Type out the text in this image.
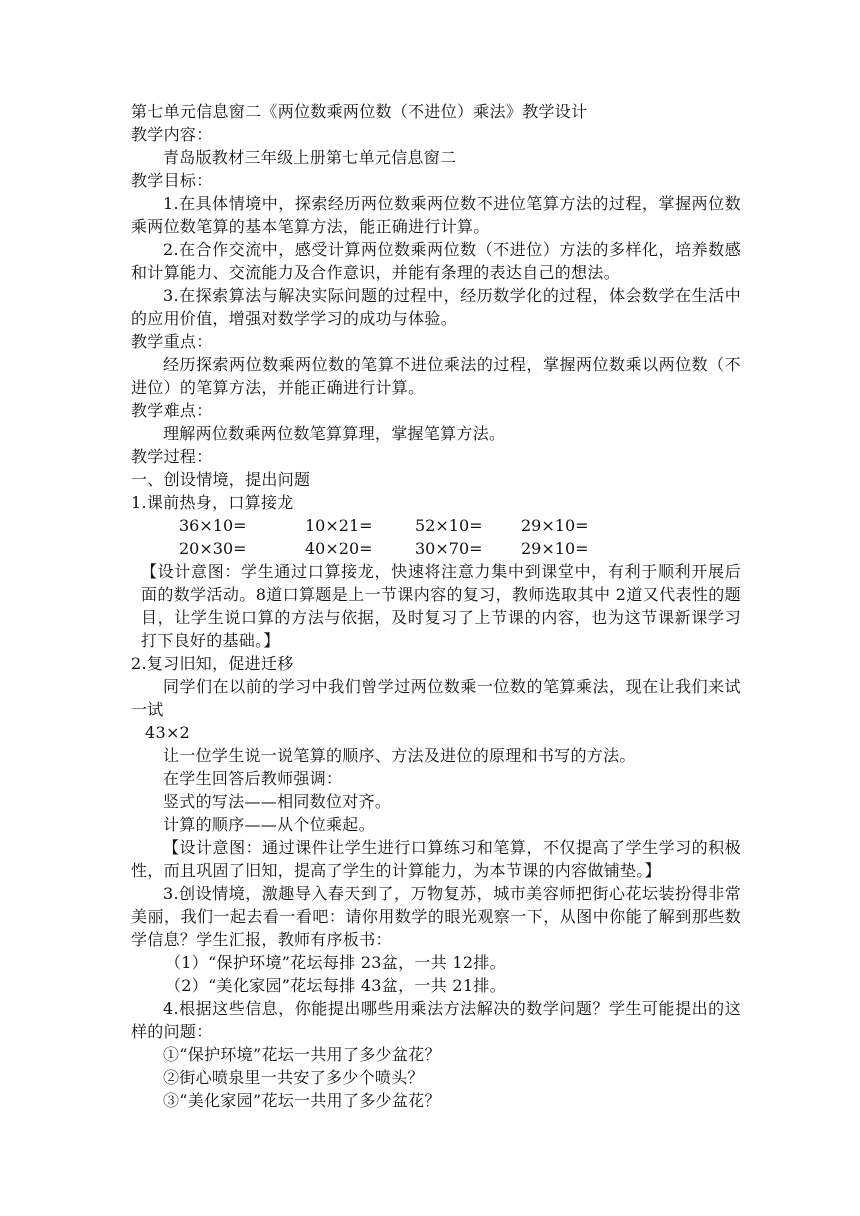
第七单元信息窗二《两位数乘两位数（不进位）乘法》教学设计
教学内容：
青岛版教材三年级上册第七单元信息窗二
教学目标：
1.在具体情境中，探索经历两位数乘两位数不进位笔算方法的过程，掌握两位数乘两位数笔算的基本笔算方法，能正确进行计算。
2.在合作交流中，感受计算两位数乘两位数（不进位）方法的多样化，培养数感和计算能力、交流能力及合作意识，并能有条理的表达自己的想法。
3.在探索算法与解决实际问题的过程中，经历数学化的过程，体会数学在生活中的应用价值，增强对数学学习的成功与体验。
教学重点：
经历探索两位数乘两位数的笔算不进位乘法的过程，掌握两位数乘以两位数（不进位）的笔算方法，并能正确进行计算。
教学难点：
理解两位数乘两位数笔算算理，掌握笔算方法。
教学过程：
一、创设情境，提出问题
1.课前热身，口算接龙
36×10=	10×21=	52×10= 29×10=
20×30=	40×20=	30×70= 29×10=
【设计意图：学生通过口算接龙，快速将注意力集中到课堂中，有利于顺利开展后面的数学活动。8道口算题是上一节课内容的复习，教师选取其中 2道又代表性的题目，让学生说口算的方法与依据，及时复习了上节课的内容，也为这节课新课学习打下良好的基础。】
2.复习旧知，促进迁移
同学们在以前的学习中我们曾学过两位数乘一位数的笔算乘法，现在让我们来试一试
43×2
让一位学生说一说笔算的顺序、方法及进位的原理和书写的方法。
在学生回答后教师强调：
竖式的写法——相同数位对齐。
计算的顺序——从个位乘起。
【设计意图：通过课件让学生进行口算练习和笔算，不仅提高了学生学习的积极性，而且巩固了旧知，提高了学生的计算能力，为本节课的内容做铺垫。】
3.创设情境，激趣导入春天到了，万物复苏，城市美容师把街心花坛装扮得非常美丽，我们一起去看一看吧：请你用数学的眼光观察一下，从图中你能了解到那些数学信息？学生汇报，教师有序板书：
（1）“保护环境”花坛每排 23盆，一共 12排。
（2）“美化家园”花坛每排 43盆，一共 21排。
4.根据这些信息，你能提出哪些用乘法方法解决的数学问题？学生可能提出的这样的问题：
①“保护环境”花坛一共用了多少盆花？
②街心喷泉里一共安了多少个喷头？
③“美化家园”花坛一共用了多少盆花？
